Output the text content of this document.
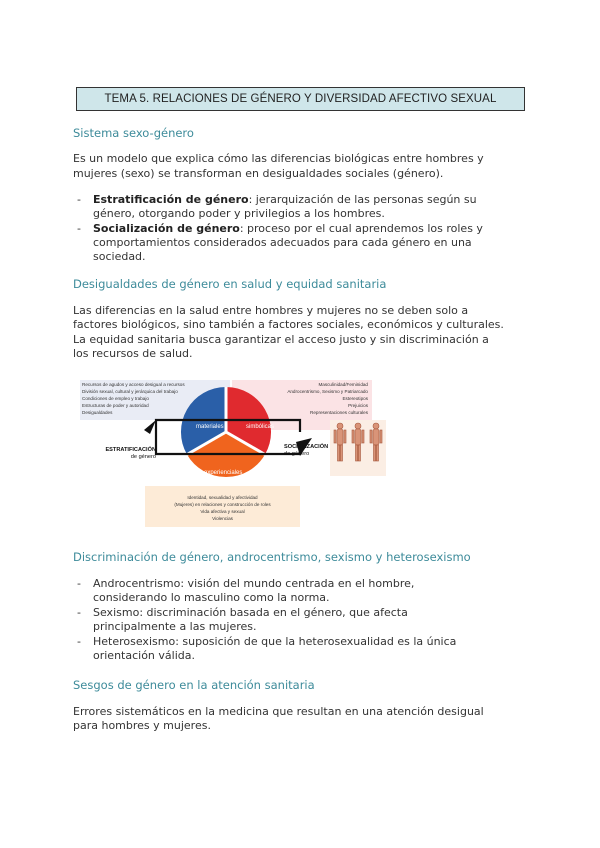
TEMA 5. RELACIONES DE GÉNERO Y DIVERSIDAD AFECTIVO SEXUAL
Sistema sexo-género

Es un modelo que explica cómo las diferencias biológicas entre hombres y

mujeres (sexo) se transforman en desigualdades sociales (género).

- Estratificación de género: jerarquización de las personas según su
género, otorgando poder y privilegios a los hombres.
- Socialización de género: proceso por el cual aprendemos los roles y
comportamientos considerados adecuados para cada género en una
sociedad.
Desigualdades de género en salud y equidad sanitaria

Las diferencias en la salud entre hombres y mujeres no se deben solo a

factores biológicos, sino también a factores sociales, económicos y culturales.

La equidad sanitaria busca garantizar el acceso justo y sin discriminación a

los recursos de salud.

Recursos de agudos y acceso desigual a recursos
División sexual, cultural y jerárquica del trabajo
Condiciones de empleo y trabajo
Estructuras de poder y autoridad
Desigualdades
Masculinidad/Feminidad
Androcentrismo, Sexismo y Patriarcado
Estereotipos
Prejuicios
Representaciones culturales
Identidad, sexualidad y afectividad
(Mujeres) en relaciones y construcción de roles
Vida afectiva y sexual
Violencias
materiales	simbólicas
experienciales
ESTRATIFICACIÓN
de género
SOCIALIZACIÓN
de género
Discriminación de género, androcentrismo, sexismo y heterosexismo
- Androcentrismo: visión del mundo centrada en el hombre,
considerando lo masculino como la norma.
- Sexismo: discriminación basada en el género, que afecta
principalmente a las mujeres.
- Heterosexismo: suposición de que la heterosexualidad es la única
orientación válida.
Sesgos de género en la atención sanitaria

Errores sistemáticos en la medicina que resultan en una atención desigual

para hombres y mujeres.
